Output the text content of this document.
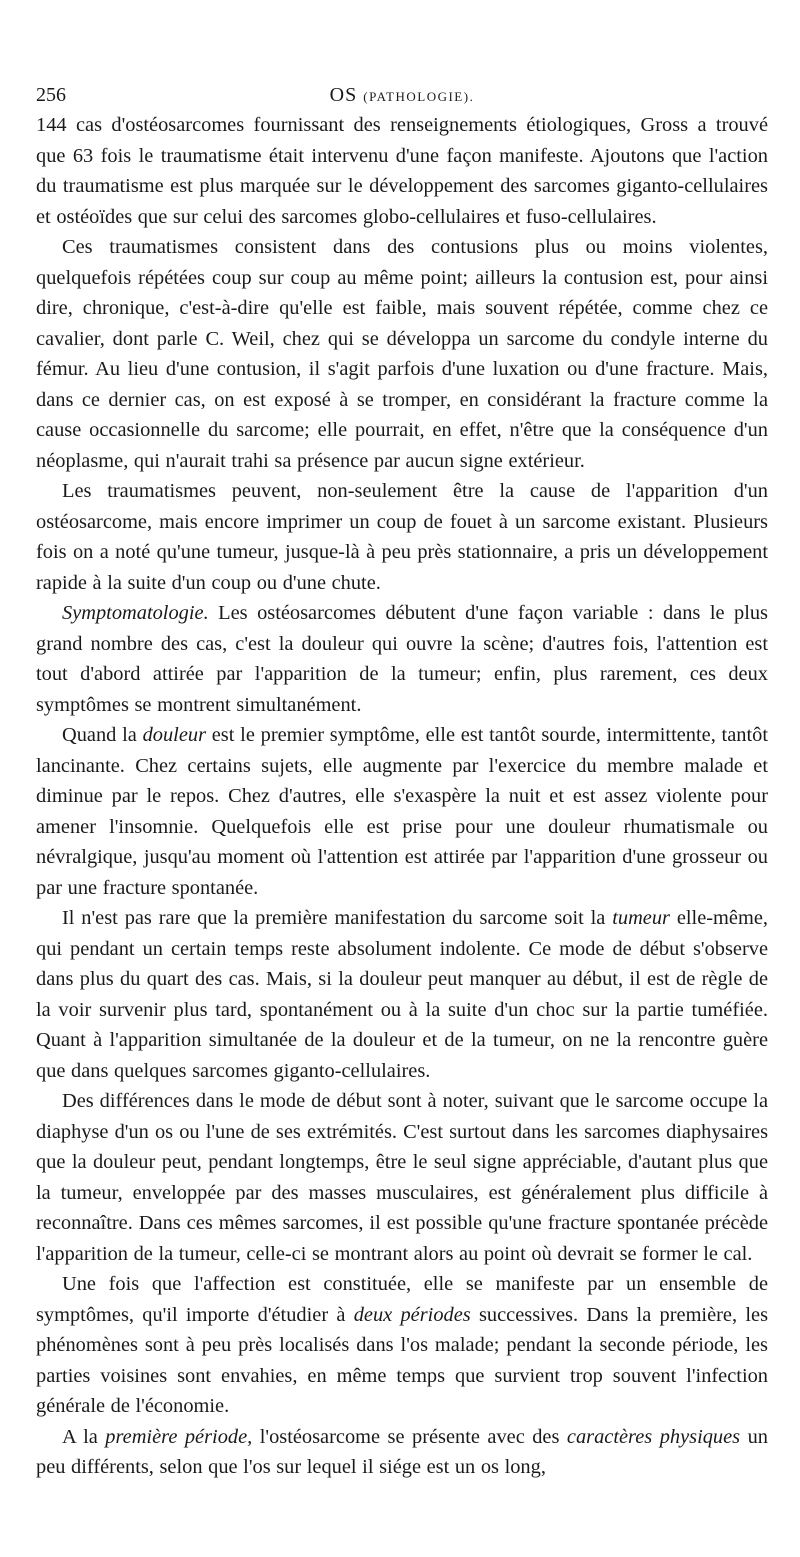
256	OS (PATHOLOGIE).

144 cas d'ostéosarcomes fournissant des renseignements étiologiques, Gross a trouvé que 63 fois le traumatisme était intervenu d'une façon manifeste. Ajoutons que l'action du traumatisme est plus marquée sur le développement des sarcomes giganto-cellulaires et ostéoïdes que sur celui des sarcomes globo-cellulaires et fuso-cellulaires.

Ces traumatismes consistent dans des contusions plus ou moins violentes, quelquefois répétées coup sur coup au même point; ailleurs la contusion est, pour ainsi dire, chronique, c'est-à-dire qu'elle est faible, mais souvent répétée, comme chez ce cavalier, dont parle C. Weil, chez qui se développa un sarcome du condyle interne du fémur. Au lieu d'une contusion, il s'agit parfois d'une luxation ou d'une fracture. Mais, dans ce dernier cas, on est exposé à se tromper, en considérant la fracture comme la cause occasionnelle du sarcome; elle pourrait, en effet, n'être que la conséquence d'un néoplasme, qui n'aurait trahi sa présence par aucun signe extérieur.

Les traumatismes peuvent, non-seulement être la cause de l'apparition d'un ostéosarcome, mais encore imprimer un coup de fouet à un sarcome existant. Plusieurs fois on a noté qu'une tumeur, jusque-là à peu près stationnaire, a pris un développement rapide à la suite d'un coup ou d'une chute.

Symptomatologie. Les ostéosarcomes débutent d'une façon variable : dans le plus grand nombre des cas, c'est la douleur qui ouvre la scène; d'autres fois, l'attention est tout d'abord attirée par l'apparition de la tumeur; enfin, plus rarement, ces deux symptômes se montrent simultanément.

Quand la douleur est le premier symptôme, elle est tantôt sourde, intermittente, tantôt lancinante. Chez certains sujets, elle augmente par l'exercice du membre malade et diminue par le repos. Chez d'autres, elle s'exaspère la nuit et est assez violente pour amener l'insomnie. Quelquefois elle est prise pour une douleur rhumatismale ou névralgique, jusqu'au moment où l'attention est attirée par l'apparition d'une grosseur ou par une fracture spontanée.

Il n'est pas rare que la première manifestation du sarcome soit la tumeur elle-même, qui pendant un certain temps reste absolument indolente. Ce mode de début s'observe dans plus du quart des cas. Mais, si la douleur peut manquer au début, il est de règle de la voir survenir plus tard, spontanément ou à la suite d'un choc sur la partie tuméfiée. Quant à l'apparition simultanée de la douleur et de la tumeur, on ne la rencontre guère que dans quelques sarcomes giganto-cellulaires.

Des différences dans le mode de début sont à noter, suivant que le sarcome occupe la diaphyse d'un os ou l'une de ses extrémités. C'est surtout dans les sarcomes diaphysaires que la douleur peut, pendant longtemps, être le seul signe appréciable, d'autant plus que la tumeur, enveloppée par des masses musculaires, est généralement plus difficile à reconnaître. Dans ces mêmes sarcomes, il est possible qu'une fracture spontanée précède l'apparition de la tumeur, celle-ci se montrant alors au point où devrait se former le cal.

Une fois que l'affection est constituée, elle se manifeste par un ensemble de symptômes, qu'il importe d'étudier à deux périodes successives. Dans la première, les phénomènes sont à peu près localisés dans l'os malade; pendant la seconde période, les parties voisines sont envahies, en même temps que survient trop souvent l'infection générale de l'économie.

A la première période, l'ostéosarcome se présente avec des caractères physiques un peu différents, selon que l'os sur lequel il siége est un os long,
